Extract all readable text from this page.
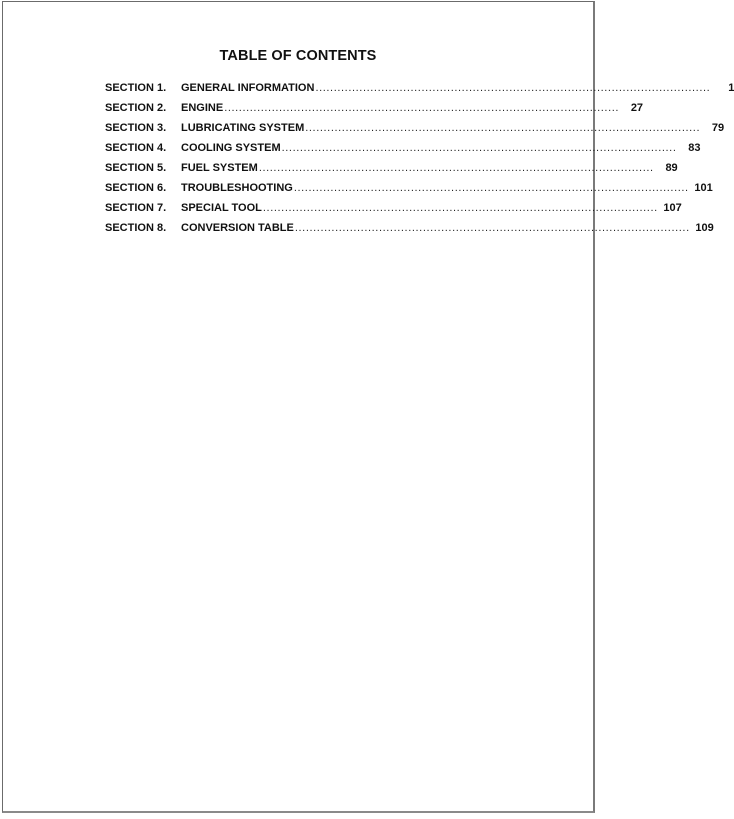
TABLE OF CONTENTS
SECTION 1.	GENERAL INFORMATION ............................................................................................................	1
SECTION 2.	ENGINE ............................................................................................................	27
SECTION 3.	LUBRICATING SYSTEM ............................................................................................................	79
SECTION 4.	COOLING SYSTEM ............................................................................................................	83
SECTION 5.	FUEL SYSTEM ............................................................................................................	89
SECTION 6.	TROUBLESHOOTING ............................................................................................................ 101
SECTION 7.	SPECIAL TOOL ............................................................................................................ 107
SECTION 8.	CONVERSION TABLE ............................................................................................................ 109
